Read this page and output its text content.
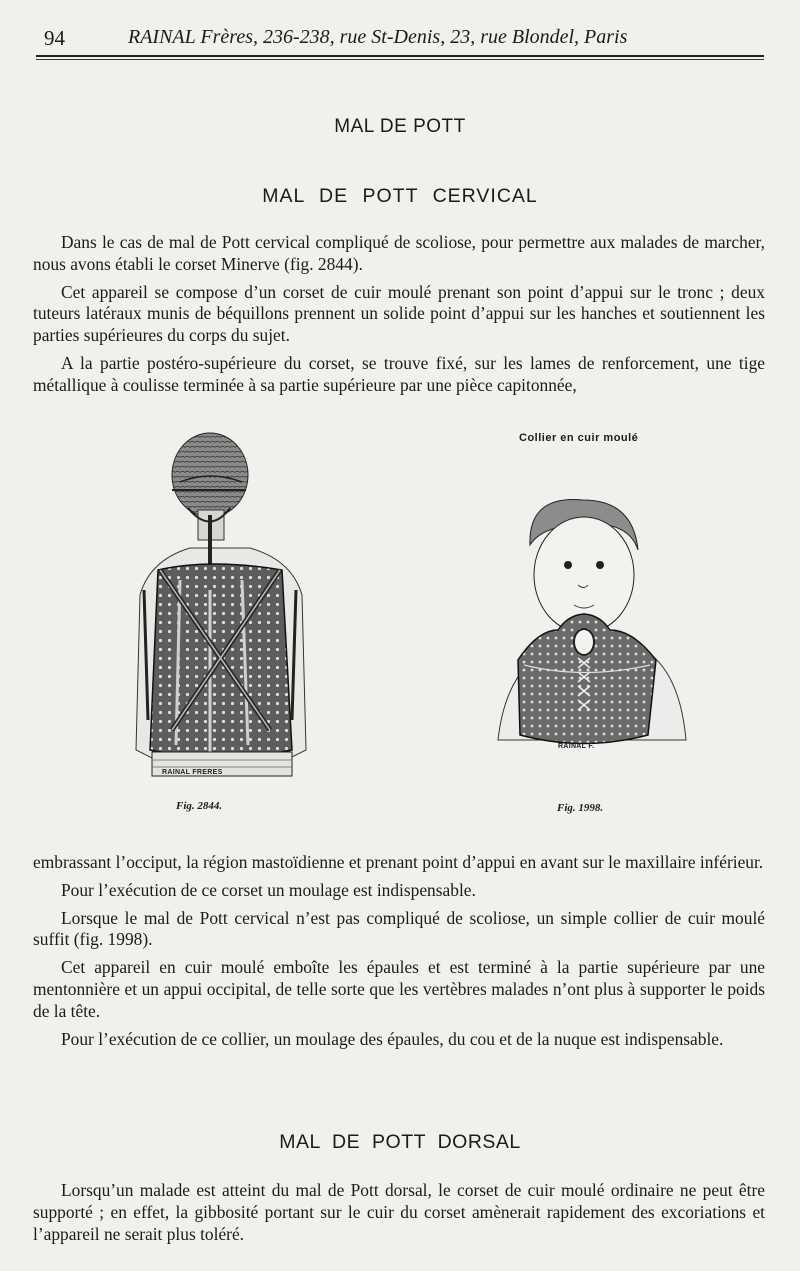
94	RAINAL Frères, 236-238, rue St-Denis, 23, rue Blondel, Paris
MAL DE POTT
MAL DE POTT CERVICAL

Dans le cas de mal de Pott cervical compliqué de scoliose, pour permettre aux malades de marcher, nous avons établi le corset Minerve (fig. 2844).

Cet appareil se compose d’un corset de cuir moulé prenant son point d’appui sur le tronc ; deux tuteurs latéraux munis de béquillons prennent un solide point d’appui sur les hanches et soutiennent les parties supérieures du corps du sujet.

A la partie postéro-supérieure du corset, se trouve fixé, sur les lames de renforcement, une tige métallique à coulisse terminée à sa partie supérieure par une pièce capitonnée,

RAINAL FRERES
Collier en cuir moulé
RAINAL F.
Fig. 2844.	Fig. 1998.

embrassant l’occiput, la région mastoïdienne et prenant point d’appui en avant sur le maxillaire inférieur.

Pour l’exécution de ce corset un moulage est indispensable.

Lorsque le mal de Pott cervical n’est pas compliqué de scoliose, un simple collier de cuir moulé suffit (fig. 1998).

Cet appareil en cuir moulé emboîte les épaules et est terminé à la partie supérieure par une mentonnière et un appui occipital, de telle sorte que les vertèbres malades n’ont plus à supporter le poids de la tête.

Pour l’exécution de ce collier, un moulage des épaules, du cou et de la nuque est indispensable.

MAL DE POTT DORSAL

Lorsqu’un malade est atteint du mal de Pott dorsal, le corset de cuir moulé ordinaire ne peut être supporté ; en effet, la gibbosité portant sur le cuir du corset amènerait rapidement des excoriations et l’appareil ne serait plus toléré.
